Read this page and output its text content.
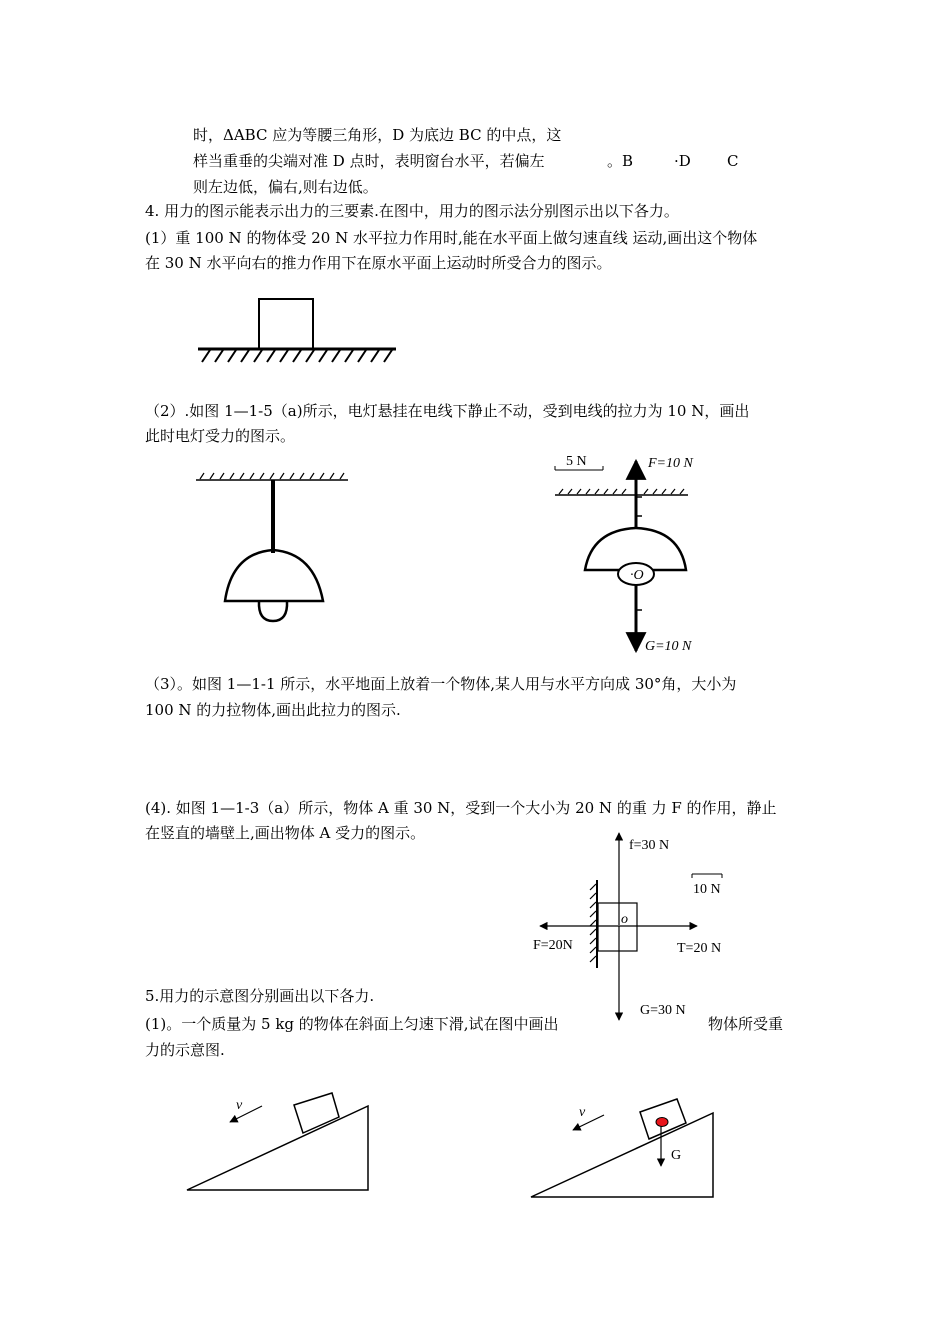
时，ΔABC 应为等腰三角形，D 为底边 BC 的中点，这
样当重垂的尖端对准 D 点时，表明窗台水平，若偏左	。B	·D C
则左边低，偏右,则右边低。
4. 用力的图示能表示出力的三要素.在图中，用力的图示法分别图示出以下各力。
(1）重 100 N 的物体受 20 N 水平拉力作用时,能在水平面上做匀速直线 运动,画出这个物体
在 30 N 水平向右的推力作用下在原水平面上运动时所受合力的图示。
（2）.如图 1—1-5（a)所示，电灯悬挂在电线下静止不动，受到电线的拉力为 10 N，画出
此时电灯受力的图示。
（3）。如图 1—1-1 所示，水平地面上放着一个物体,某人用与水平方向成 30°角，大小为
100 N 的力拉物体,画出此拉力的图示.
(4). 如图 1—1-3（a）所示，物体 A 重 30 N，受到一个大小为 20 N 的重 力 F 的作用，静止
在竖直的墙壁上,画出物体 A 受力的图示。
5.用力的示意图分别画出以下各力.
(1)。一个质量为 5 kg 的物体在斜面上匀速下滑,试在图中画出	物体所受重
力的示意图.
5 N	F=10 N
·O
G=10 N
f=30 N
10 N
o
F=20N	T=20 N
G=30 N
v	v
G
